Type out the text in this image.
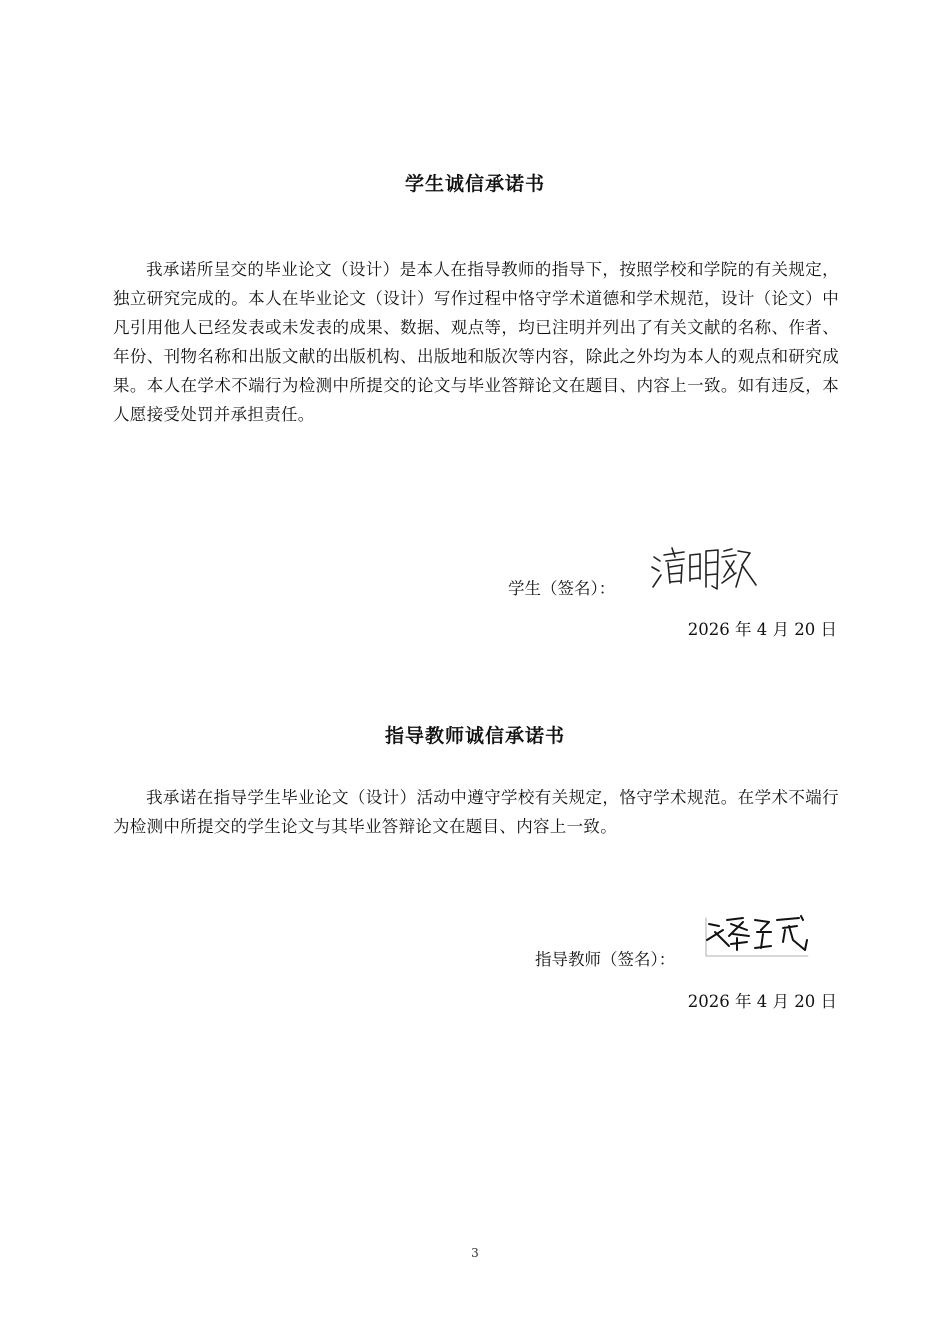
学生诚信承诺书

我承诺所呈交的毕业论文（设计）是本人在指导教师的指导下，按照学校和学院的有关规定，独立研究完成的。本人在毕业论文（设计）写作过程中恪守学术道德和学术规范，设计（论文）中凡引用他人已经发表或未发表的成果、数据、观点等，均已注明并列出了有关文献的名称、作者、年份、刊物名称和出版文献的出版机构、出版地和版次等内容，除此之外均为本人的观点和研究成果。本人在学术不端行为检测中所提交的论文与毕业答辩论文在题目、内容上一致。如有违反，本人愿接受处罚并承担责任。

学生（签名）：
2026 年 4 月 20 日
指导教师诚信承诺书

我承诺在指导学生毕业论文（设计）活动中遵守学校有关规定，恪守学术规范。在学术不端行为检测中所提交的学生论文与其毕业答辩论文在题目、内容上一致。

指导教师（签名）：
2026 年 4 月 20 日
3
